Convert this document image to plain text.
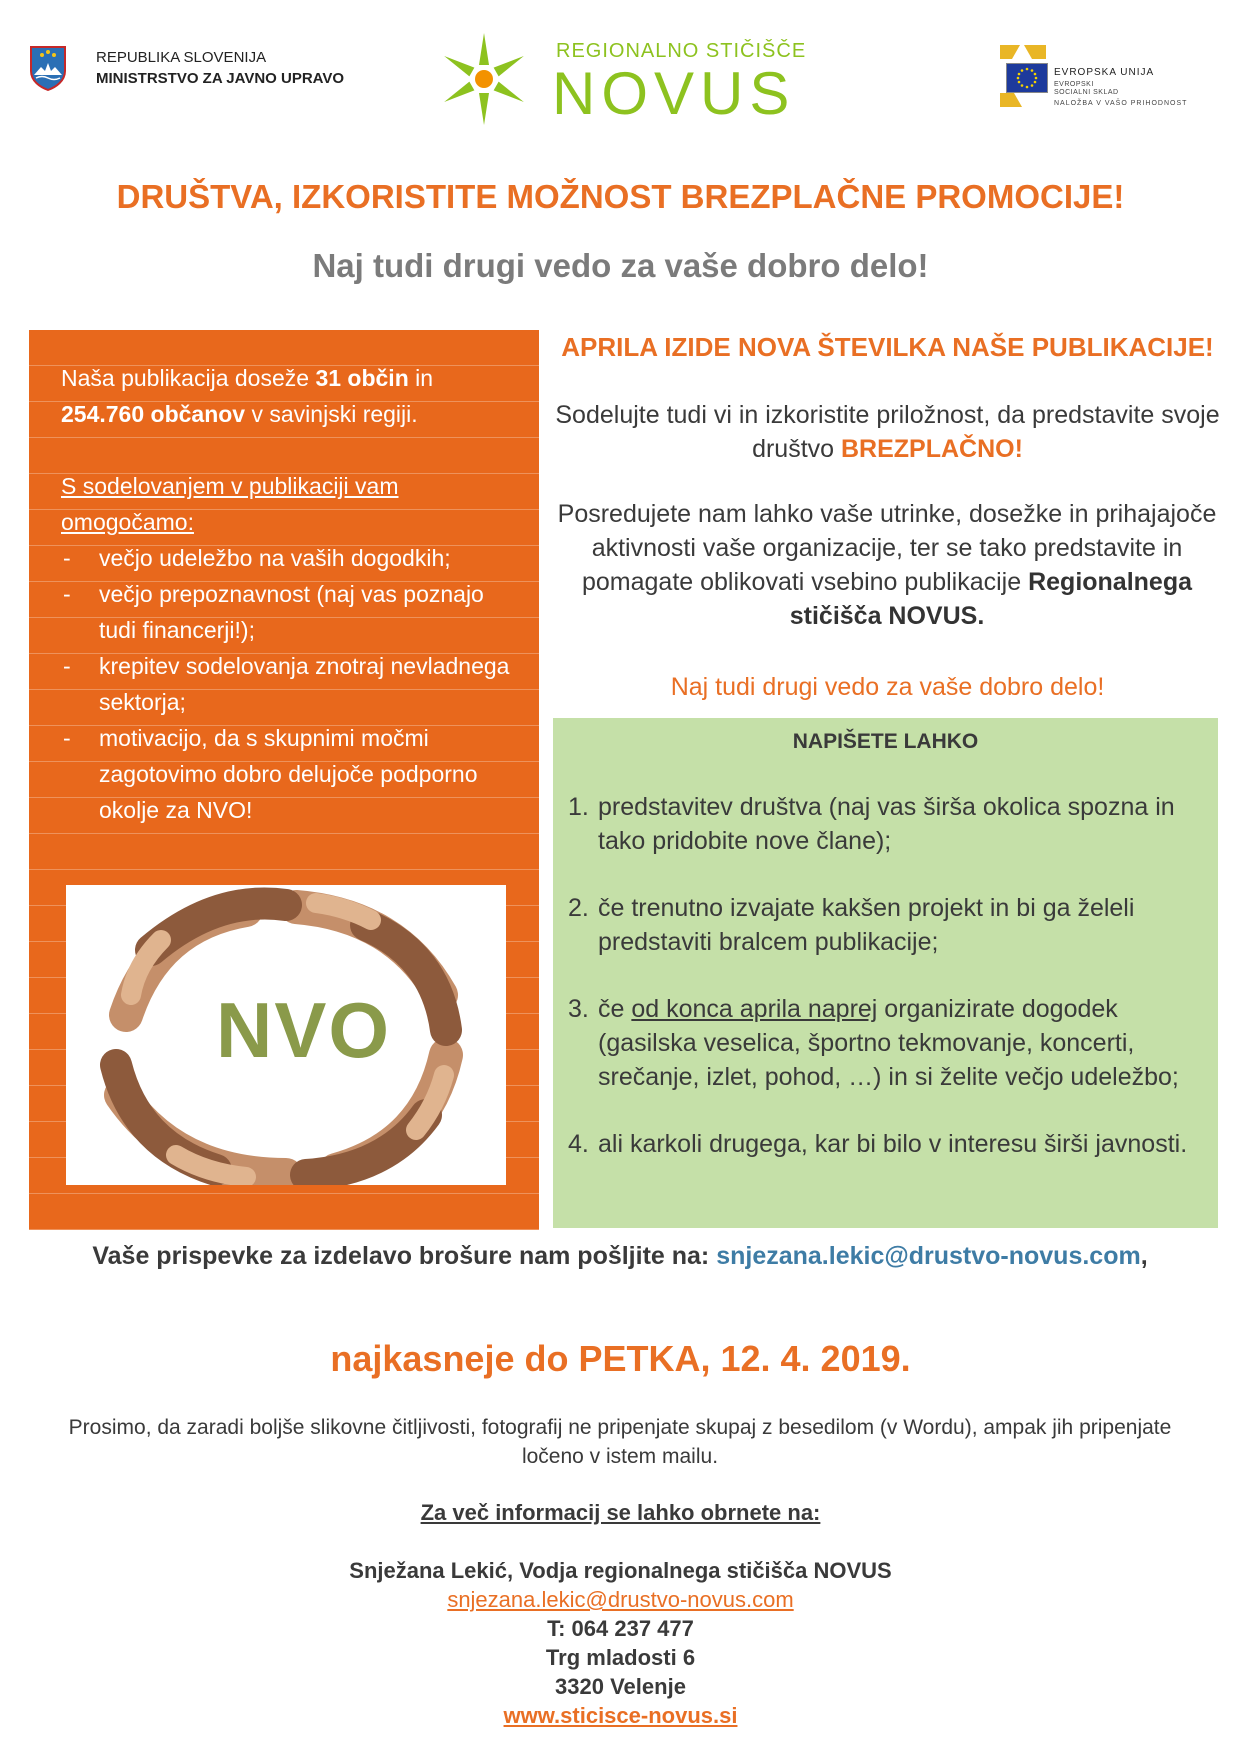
REPUBLIKA SLOVENIJA
MINISTRSTVO ZA JAVNO UPRAVO
REGIONALNO STIČIŠČE
NOVUS	EVROPSKA UNIJA
EVROPSKI
SOCIALNI SKLAD
NALOŽBA V VAŠO PRIHODNOST
DRUŠTVA, IZKORISTITE MOŽNOST BREZPLAČNE PROMOCIJE!
Naj tudi drugi vedo za vaše dobro delo!
Naša publikacija doseže 31 občin in 254.760 občanov v savinjski regiji.
S sodelovanjem v publikaciji vam omogočamo:
- večjo udeležbo na vaših dogodkih;
- večjo prepoznavnost (naj vas poznajo tudi financerji!);
- krepitev sodelovanja znotraj nevladnega sektorja;
- motivacijo, da s skupnimi močmi zagotovimo dobro delujoče podporno okolje za NVO!
NVO
APRILA IZIDE NOVA ŠTEVILKA NAŠE PUBLIKACIJE!
Sodelujte tudi vi in izkoristite priložnost, da predstavite svoje društvo BREZPLAČNO!
Posredujete nam lahko vaše utrinke, dosežke in prihajajoče aktivnosti vaše organizacije, ter se tako predstavite in pomagate oblikovati vsebino publikacije Regionalnega stičišča NOVUS.
Naj tudi drugi vedo za vaše dobro delo!
NAPIŠETE LAHKO
1. predstavitev društva (naj vas širša okolica spozna in tako pridobite nove člane);
2. če trenutno izvajate kakšen projekt in bi ga želeli predstaviti bralcem publikacije;
3. če od konca aprila naprej organizirate dogodek (gasilska veselica, športno tekmovanje, koncerti, srečanje, izlet, pohod, …) in si želite večjo udeležbo;
4. ali karkoli drugega, kar bi bilo v interesu širši javnosti.
Vaše prispevke za izdelavo brošure nam pošljite na: snjezana.lekic@drustvo-novus.com,
najkasneje do PETKA, 12. 4. 2019.
Prosimo, da zaradi boljše slikovne čitljivosti, fotografij ne pripenjate skupaj z besedilom (v Wordu), ampak jih pripenjate ločeno v istem mailu.
Za več informacij se lahko obrnete na:
Snježana Lekić, Vodja regionalnega stičišča NOVUS
snjezana.lekic@drustvo-novus.com
T: 064 237 477
Trg mladosti 6
3320 Velenje
www.sticisce-novus.si
